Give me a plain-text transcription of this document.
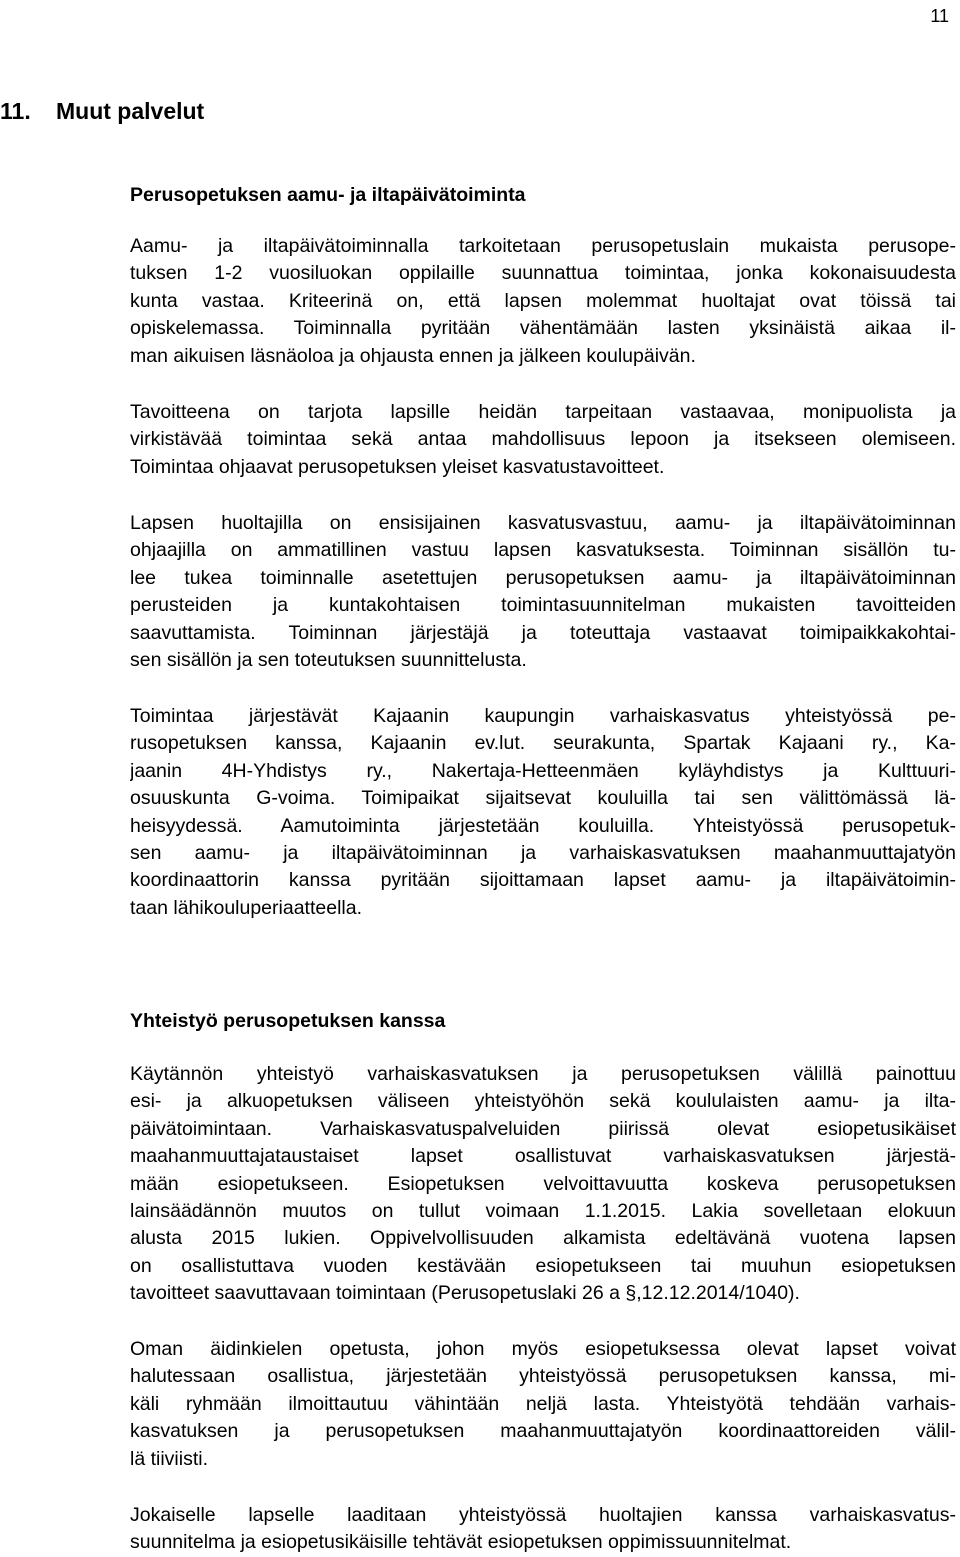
11
11. Muut palvelut
Perusopetuksen aamu- ja iltapäivätoiminta

Aamu- ja iltapäivätoiminnalla tarkoitetaan perusopetuslain mukaista perusope-
tuksen 1-2 vuosiluokan oppilaille suunnattua toimintaa, jonka kokonaisuudesta
kunta vastaa. Kriteerinä on, että lapsen molemmat huoltajat ovat töissä tai
opiskelemassa. Toiminnalla pyritään vähentämään lasten yksinäistä aikaa il-
man aikuisen läsnäoloa ja ohjausta ennen ja jälkeen koulupäivän.

Tavoitteena on tarjota lapsille heidän tarpeitaan vastaavaa, monipuolista ja
virkistävää toimintaa sekä antaa mahdollisuus lepoon ja itsekseen olemiseen.
Toimintaa ohjaavat perusopetuksen yleiset kasvatustavoitteet.

Lapsen huoltajilla on ensisijainen kasvatusvastuu, aamu- ja iltapäivätoiminnan
ohjaajilla on ammatillinen vastuu lapsen kasvatuksesta. Toiminnan sisällön tu-
lee tukea toiminnalle asetettujen perusopetuksen aamu- ja iltapäivätoiminnan
perusteiden ja kuntakohtaisen toimintasuunnitelman mukaisten tavoitteiden
saavuttamista. Toiminnan järjestäjä ja toteuttaja vastaavat toimipaikkakohtai-
sen sisällön ja sen toteutuksen suunnittelusta.

Toimintaa järjestävät Kajaanin kaupungin varhaiskasvatus yhteistyössä pe-
rusopetuksen kanssa, Kajaanin ev.lut. seurakunta, Spartak Kajaani ry., Ka-
jaanin 4H-Yhdistys ry., Nakertaja-Hetteenmäen kyläyhdistys ja Kulttuuri-
osuuskunta G-voima. Toimipaikat sijaitsevat kouluilla tai sen välittömässä lä-
heisyydessä. Aamutoiminta järjestetään kouluilla. Yhteistyössä perusopetuk-
sen aamu- ja iltapäivätoiminnan ja varhaiskasvatuksen maahanmuuttajatyön
koordinaattorin kanssa pyritään sijoittamaan lapset aamu- ja iltapäivätoimin-
taan lähikouluperiaatteella.

Yhteistyö perusopetuksen kanssa

Käytännön yhteistyö varhaiskasvatuksen ja perusopetuksen välillä painottuu
esi- ja alkuopetuksen väliseen yhteistyöhön sekä koululaisten aamu- ja ilta-
päivätoimintaan. Varhaiskasvatuspalveluiden piirissä olevat esiopetusikäiset
maahanmuuttajataustaiset lapset osallistuvat varhaiskasvatuksen järjestä-
mään esiopetukseen. Esiopetuksen velvoittavuutta koskeva perusopetuksen
lainsäädännön muutos on tullut voimaan 1.1.2015. Lakia sovelletaan elokuun
alusta 2015 lukien. Oppivelvollisuuden alkamista edeltävänä vuotena lapsen
on osallistuttava vuoden kestävään esiopetukseen tai muuhun esiopetuksen
tavoitteet saavuttavaan toimintaan (Perusopetuslaki 26 a §,12.12.2014/1040).

Oman äidinkielen opetusta, johon myös esiopetuksessa olevat lapset voivat
halutessaan osallistua, järjestetään yhteistyössä perusopetuksen kanssa, mi-
käli ryhmään ilmoittautuu vähintään neljä lasta. Yhteistyötä tehdään varhais-
kasvatuksen ja perusopetuksen maahanmuuttajatyön koordinaattoreiden välil-
lä tiiviisti.

Jokaiselle lapselle laaditaan yhteistyössä huoltajien kanssa varhaiskasvatus-
suunnitelma ja esiopetusikäisille tehtävät esiopetuksen oppimissuunnitelmat.
